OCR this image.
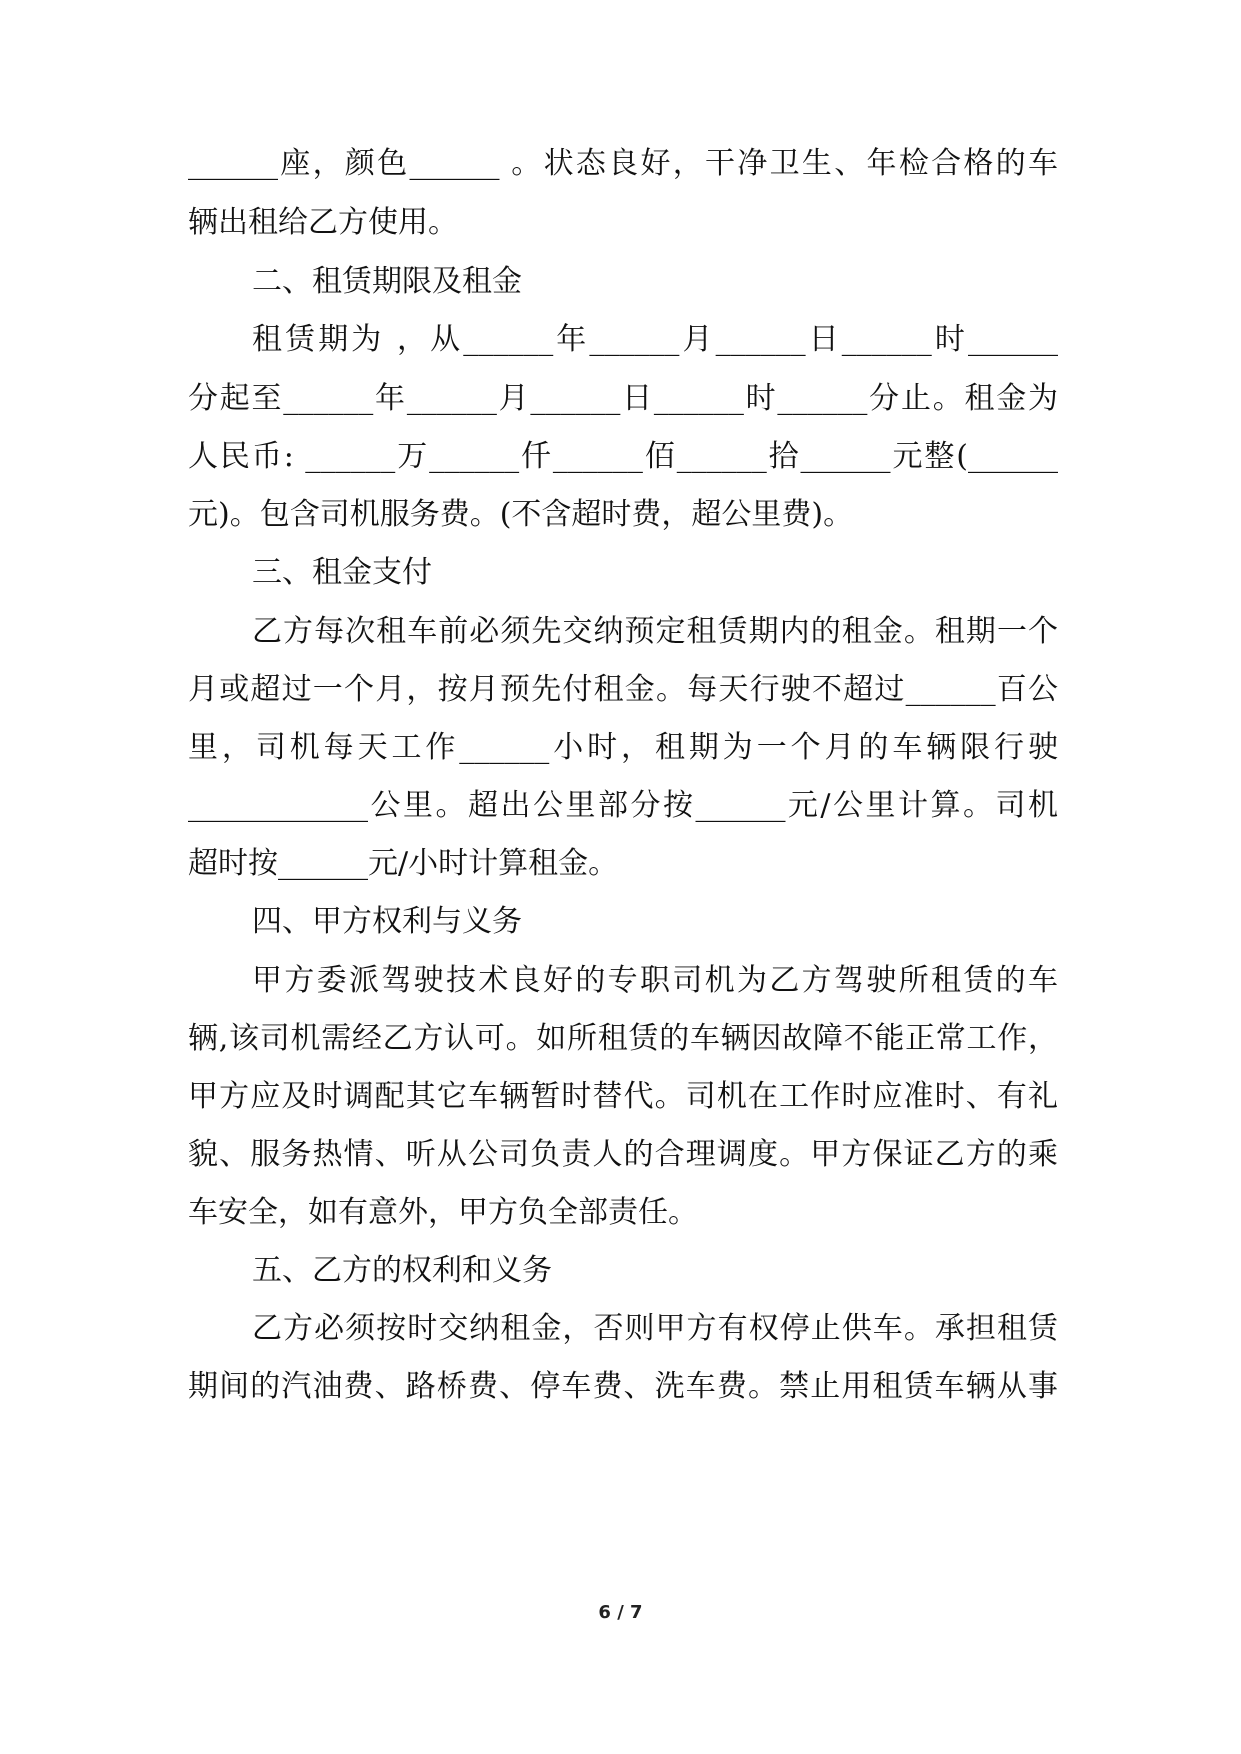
______座，颜色______ 。状态良好，干净卫生、年检合格的车
辆出租给乙方使用。
二、租赁期限及租金
租赁期为 ，从______年______月______日______时______
分起至______年______月______日______时______分止。租金为
人民币: ______万______仟______佰______拾______元整(______
元)。包含司机服务费。(不含超时费，超公里费)。
三、租金支付
乙方每次租车前必须先交纳预定租赁期内的租金。租期一个
月或超过一个月，按月预先付租金。每天行驶不超过______百公
里，司机每天工作______小时，租期为一个月的车辆限行驶
____________公里。超出公里部分按______元/公里计算。司机
超时按______元/小时计算租金。
四、甲方权利与义务
甲方委派驾驶技术良好的专职司机为乙方驾驶所租赁的车
辆,该司机需经乙方认可。如所租赁的车辆因故障不能正常工作，
甲方应及时调配其它车辆暂时替代。司机在工作时应准时、有礼
貌、服务热情、听从公司负责人的合理调度。甲方保证乙方的乘
车安全，如有意外，甲方负全部责任。
五、乙方的权利和义务
乙方必须按时交纳租金，否则甲方有权停止供车。承担租赁
期间的汽油费、路桥费、停车费、洗车费。禁止用租赁车辆从事
6 / 7
